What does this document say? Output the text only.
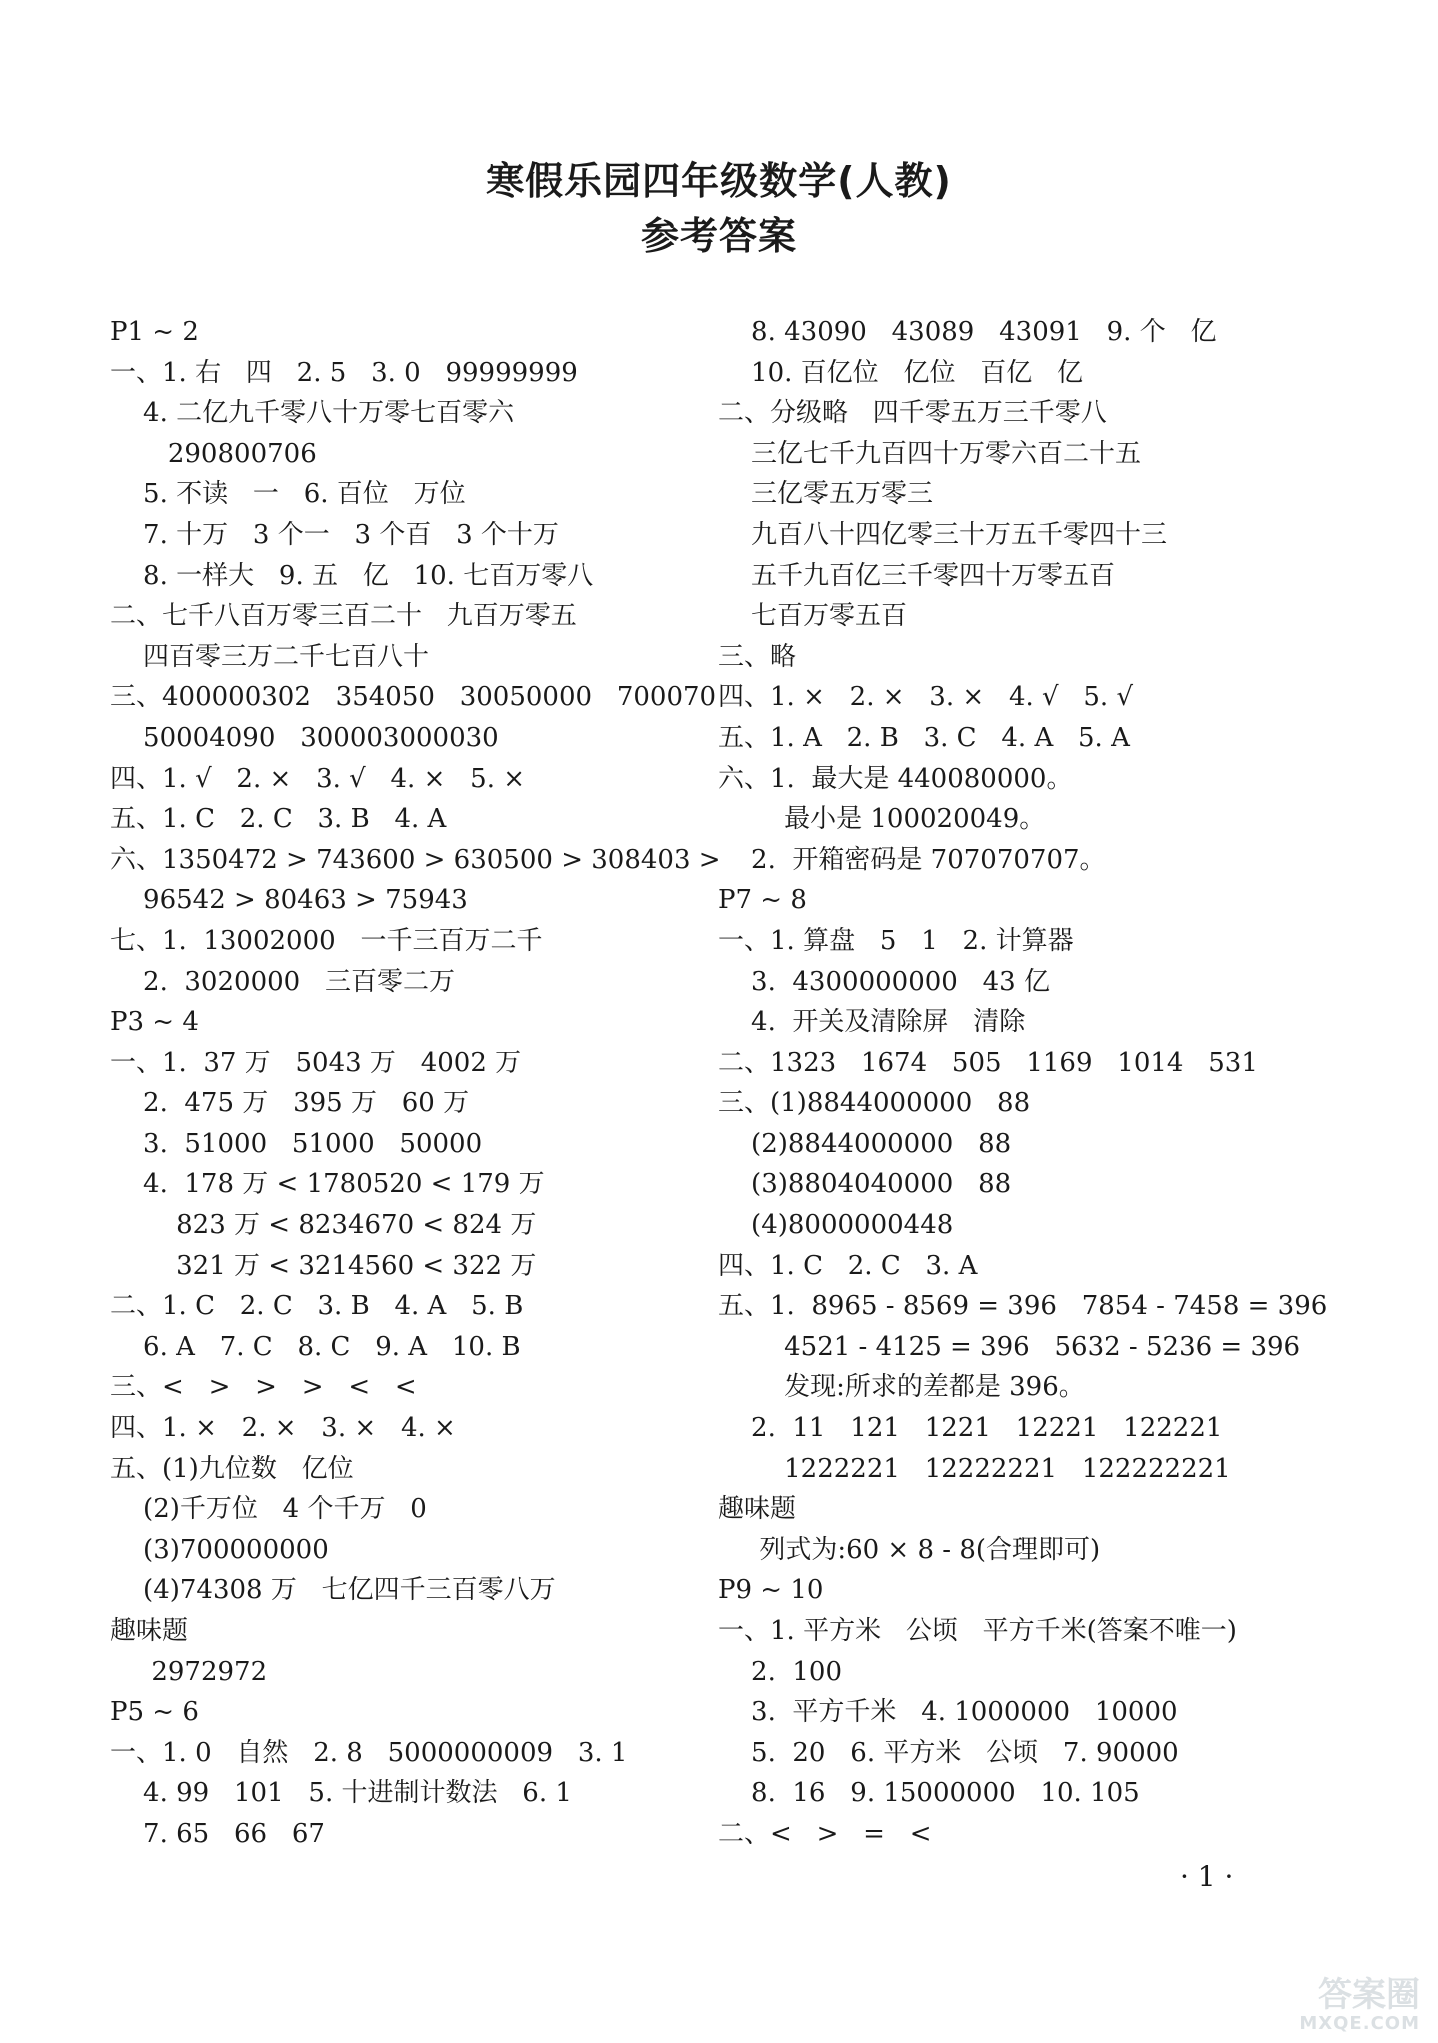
寒假乐园四年级数学(人教)
参考答案
P1 ~ 2
一、1. 右   四   2. 5   3. 0   99999999
4. 二亿九千零八十万零七百零六
290800706
5. 不读   一   6. 百位   万位
7. 十万   3 个一   3 个百   3 个十万
8. 一样大   9. 五   亿   10. 七百万零八
二、七千八百万零三百二十   九百万零五
四百零三万二千七百八十
三、400000302   354050   30050000   700070
50004090   300003000030
四、1. √   2. ×   3. √   4. ×   5. ×
五、1. C   2. C   3. B   4. A
六、1350472 > 743600 > 630500 > 308403 >
96542 > 80463 > 75943
七、1.  13002000   一千三百万二千
2.  3020000   三百零二万
P3 ~ 4
一、1.  37 万   5043 万   4002 万
2.  475 万   395 万   60 万
3.  51000   51000   50000
4.  178 万 < 1780520 < 179 万
823 万 < 8234670 < 824 万
321 万 < 3214560 < 322 万
二、1. C   2. C   3. B   4. A   5. B
6. A   7. C   8. C   9. A   10. B
三、<   >   >   >   <   <
四、1. ×   2. ×   3. ×   4. ×
五、(1)九位数   亿位
(2)千万位   4 个千万   0
(3)700000000
(4)74308 万   七亿四千三百零八万
趣味题
2972972
P5 ~ 6
一、1. 0   自然   2. 8   5000000009   3. 1
4. 99   101   5. 十进制计数法   6. 1
7. 65   66   67
8. 43090   43089   43091   9. 个   亿
10. 百亿位   亿位   百亿   亿
二、分级略   四千零五万三千零八
三亿七千九百四十万零六百二十五
三亿零五万零三
九百八十四亿零三十万五千零四十三
五千九百亿三千零四十万零五百
七百万零五百
三、略
四、1. ×   2. ×   3. ×   4. √   5. √
五、1. A   2. B   3. C   4. A   5. A
六、1.  最大是 440080000。
最小是 100020049。
2.  开箱密码是 707070707。
P7 ~ 8
一、1. 算盘   5   1   2. 计算器
3.  4300000000   43 亿
4.  开关及清除屏   清除
二、1323   1674   505   1169   1014   531
三、(1)8844000000   88
(2)8844000000   88
(3)8804040000   88
(4)8000000448
四、1. C   2. C   3. A
五、1.  8965 - 8569 = 396   7854 - 7458 = 396
4521 - 4125 = 396   5632 - 5236 = 396
发现:所求的差都是 396。
2.  11   121   1221   12221   122221
1222221   12222221   122222221
趣味题
列式为:60 × 8 - 8(合理即可)
P9 ~ 10
一、1. 平方米   公顷   平方千米(答案不唯一)
2.  100
3.  平方千米   4. 1000000   10000
5.  20   6. 平方米   公顷   7. 90000
8.  16   9. 15000000   10. 105
二、<   >   =   <
· 1 ·
答案圈
MXQE.COM
